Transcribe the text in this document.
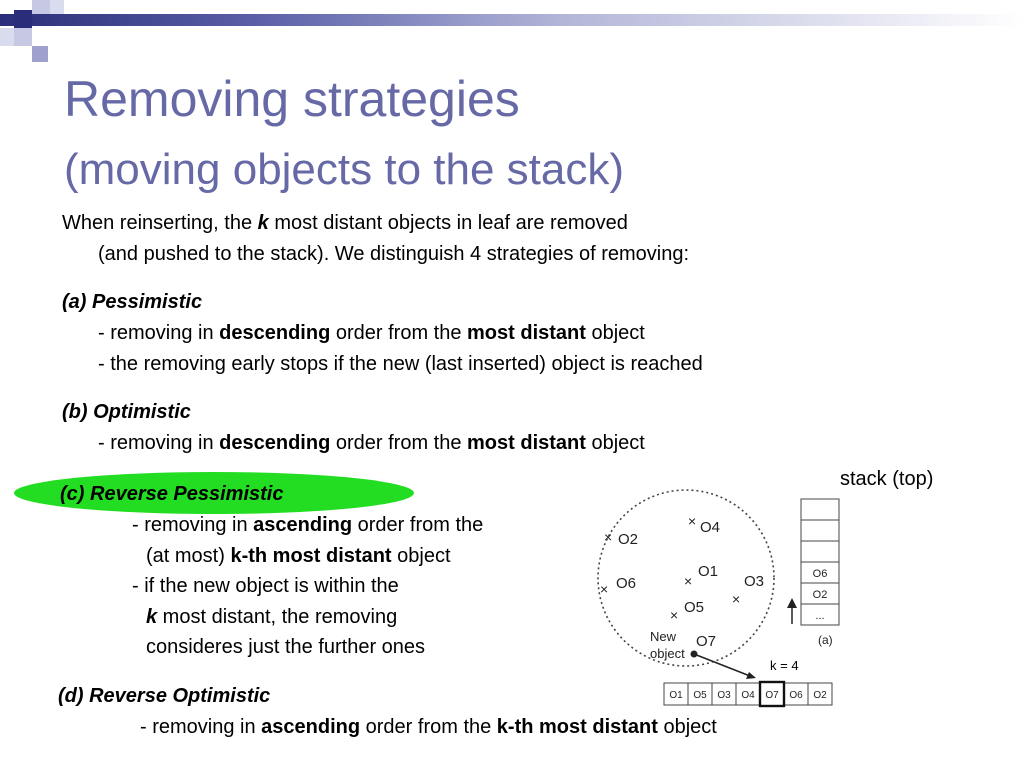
Removing strategies
(moving objects to the stack)
When reinserting, the k most distant objects in leaf are removed
(and pushed to the stack). We distinguish 4 strategies of removing:
(a) Pessimistic
- removing in descending order from the most distant object
- the removing early stops if the new (last inserted) object is reached
(b) Optimistic
- removing in descending order from the most distant object
(c) Reverse Pessimistic
- removing in ascending order from the
(at most) k-th most distant object
- if the new object is within the
k most distant, the removing
consideres just the further ones
(d) Reverse Optimistic
- removing in ascending order from the k-th most distant object
stack (top)
× O4
× O2
×
O1
× O6
×
O3
× O5
O7
New
object
k = 4
O6
O2
...
(a)
O1 O5 O3 O4 O7 O6 O2
